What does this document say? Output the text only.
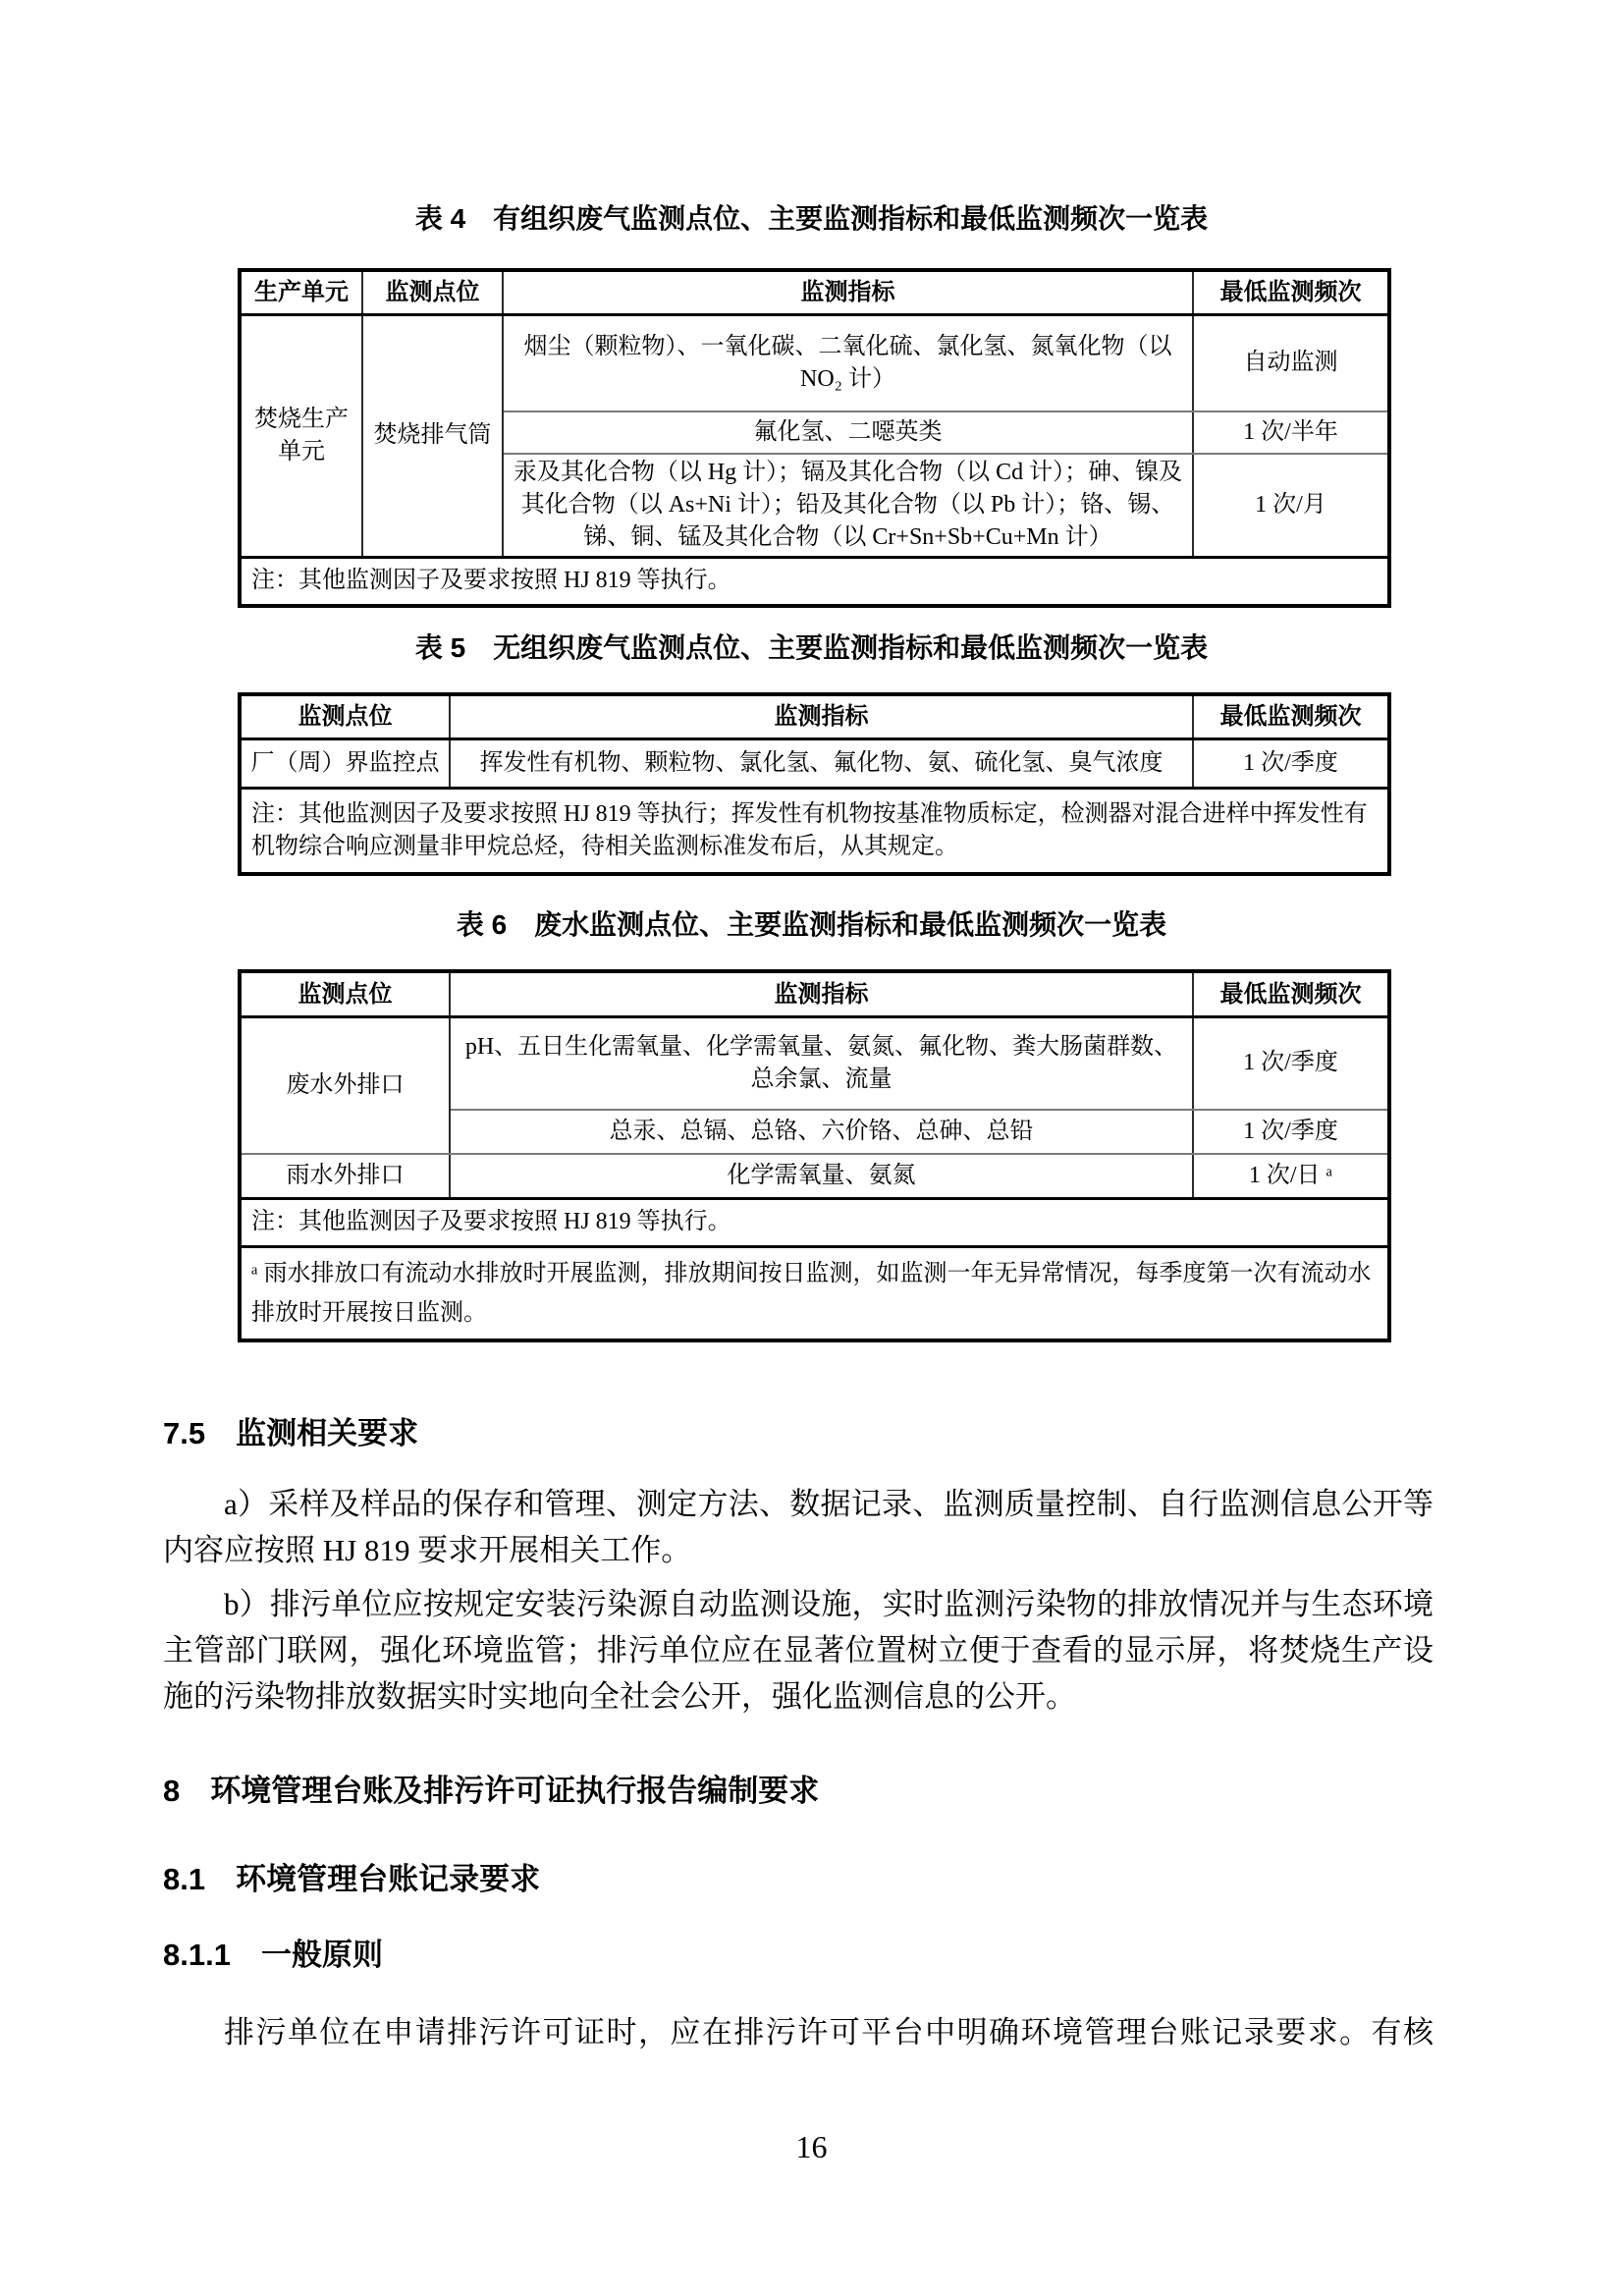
表 4　有组织废气监测点位、主要监测指标和最低监测频次一览表
生产单元	监测点位	监测指标	最低监测频次
焚烧生产单元	焚烧排气筒	烟尘（颗粒物）、一氧化碳、二氧化硫、氯化氢、氮氧化物（以 NO₂ 计）	自动监测
		氟化氢、二噁英类	1 次/半年
		汞及其化合物（以 Hg 计）；镉及其化合物（以 Cd 计）；砷、镍及其化合物（以 As+Ni 计）；铅及其化合物（以 Pb 计）；铬、锡、锑、铜、锰及其化合物（以 Cr+Sn+Sb+Cu+Mn 计）	1 次/月
注：其他监测因子及要求按照 HJ 819 等执行。			
表 5　无组织废气监测点位、主要监测指标和最低监测频次一览表
监测点位	监测指标	最低监测频次
厂（周）界监控点	挥发性有机物、颗粒物、氯化氢、氟化物、氨、硫化氢、臭气浓度	1 次/季度
注：其他监测因子及要求按照 HJ 819 等执行；挥发性有机物按基准物质标定，检测器对混合进样中挥发性有机物综合响应测量非甲烷总烃，待相关监测标准发布后，从其规定。		
表 6　废水监测点位、主要监测指标和最低监测频次一览表
监测点位	监测指标	最低监测频次
废水外排口	pH、五日生化需氧量、化学需氧量、氨氮、氟化物、粪大肠菌群数、总余氯、流量	1 次/季度
	总汞、总镉、总铬、六价铬、总砷、总铅	1 次/季度
雨水外排口	化学需氧量、氨氮	1 次/日 ᵃ
注：其他监测因子及要求按照 HJ 819 等执行。		
ᵃ 雨水排放口有流动水排放时开展监测，排放期间按日监测，如监测一年无异常情况，每季度第一次有流动水排放时开展按日监测。		
7.5　监测相关要求

a）采样及样品的保存和管理、测定方法、数据记录、监测质量控制、自行监测信息公开等内容应按照 HJ 819 要求开展相关工作。

b）排污单位应按规定安装污染源自动监测设施，实时监测污染物的排放情况并与生态环境主管部门联网，强化环境监管；排污单位应在显著位置树立便于查看的显示屏，将焚烧生产设施的污染物排放数据实时实地向全社会公开，强化监测信息的公开。

8　环境管理台账及排污许可证执行报告编制要求
8.1　环境管理台账记录要求
8.1.1　一般原则
排污单位在申请排污许可证时，应在排污许可平台中明确环境管理台账记录要求。有核
16
